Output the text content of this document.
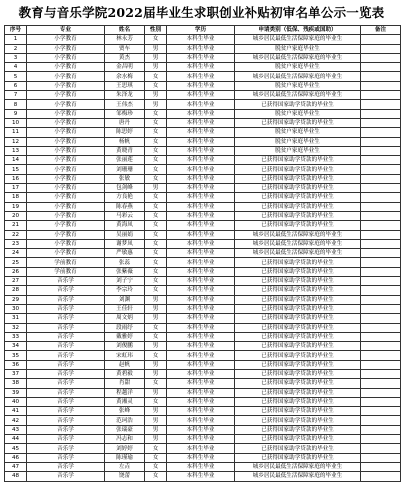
教育与音乐学院2022届毕业生求职创业补贴初审名单公示一览表
序号	专业	姓名	性别	学历	申请类别（低保、残疾或国助）	备注
1	小学教育	林永芳	女	本科生毕业	城乡居民最低生活保障家庭的毕业生	
2	小学教育	贾车	男	本科生毕业	脱贫户家庭毕业生	
3	小学教育	黄杰	男	本科生毕业	城乡居民最低生活保障家庭的毕业生	
4	小学教育	金昌明	男	本科生毕业	脱贫户家庭毕业生	
5	小学教育	余水梅	女	本科生毕业	城乡居民最低生活保障家庭的毕业生	
6	小学教育	王思琪	女	本科生毕业	脱贫户家庭毕业生	
7	小学教育	朱泽龙	男	本科生毕业	城乡居民最低生活保障家庭的毕业生	
8	小学教育	王伟杰	男	本科生毕业	已获得国家助学贷款的毕业生	
9	小学教育	邹梅珍	女	本科生毕业	脱贫户家庭毕业生	
10	小学教育	唐丹	女	本科生毕业	已获得国家助学贷款的毕业生	
11	小学教育	陈思婷	女	本科生毕业	脱贫户家庭毕业生	
12	小学教育	杨帆	女	本科生毕业	脱贫户家庭毕业生	
13	小学教育	黄晓青	女	本科生毕业	脱贫户家庭毕业生	
14	小学教育	张丽莲	女	本科生毕业	已获得国家助学贷款的毕业生	
15	小学教育	刘珊珊	女	本科生毕业	已获得国家助学贷款的毕业生	
16	小学教育	张敏	女	本科生毕业	已获得国家助学贷款的毕业生	
17	小学教育	包剑峰	男	本科生毕业	已获得国家助学贷款的毕业生	
18	小学教育	方良艳	女	本科生毕业	已获得国家助学贷款的毕业生	
19	小学教育	陈春燕	女	本科生毕业	已获得国家助学贷款的毕业生	
20	小学教育	马彩云	女	本科生毕业	已获得国家助学贷款的毕业生	
21	小学教育	黄海凤	女	本科生毕业	已获得国家助学贷款的毕业生	
22	小学教育	吴丽娟	女	本科生毕业	城乡居民最低生活保障家庭的毕业生	
23	小学教育	谢梦凤	女	本科生毕业	城乡居民最低生活保障家庭的毕业生	
24	小学教育	严敏惠	女	本科生毕业	城乡居民最低生活保障家庭的毕业生	
25	学前教育	张蕊	女	本科生毕业	已获得国家助学贷款的毕业生	
26	学前教育	张紫薇	女	本科生毕业	已获得国家助学贷款的毕业生	
27	音乐学	刘子宁	女	本科生毕业	已获得国家助学贷款的毕业生	
28	音乐学	李宗玲	女	本科生毕业	已获得国家助学贷款的毕业生	
29	音乐学	刘渊	男	本科生毕业	已获得国家助学贷款的毕业生	
30	音乐学	王佳轩	男	本科生毕业	已获得国家助学贷款的毕业生	
31	音乐学	周文炳	男	本科生毕业	已获得国家助学贷款的毕业生	
32	音乐学	段雨纾	女	本科生毕业	已获得国家助学贷款的毕业生	
33	音乐学	戴雅婷	女	本科生毕业	已获得国家助学贷款的毕业生	
34	音乐学	刘俊鹏	男	本科生毕业	已获得国家助学贷款的毕业生	
35	音乐学	宋虹玮	女	本科生毕业	已获得国家助学贷款的毕业生	
36	音乐学	赵帆	男	本科生毕业	已获得国家助学贷款的毕业生	
37	音乐学	黄碧毅	男	本科生毕业	已获得国家助学贷款的毕业生	
38	音乐学	肖甜	女	本科生毕业	已获得国家助学贷款的毕业生	
39	音乐学	程越洋	男	本科生毕业	已获得国家助学贷款的毕业生	
40	音乐学	黄湘灵	女	本科生毕业	已获得国家助学贷款的毕业生	
41	音乐学	张峰	男	本科生毕业	已获得国家助学贷款的毕业生	
42	音乐学	范珂浩	男	本科生毕业	已获得国家助学贷款的毕业生	
43	音乐学	张瑞豪	男	本科生毕业	已获得国家助学贷款的毕业生	
44	音乐学	冯志和	男	本科生毕业	已获得国家助学贷款的毕业生	
45	音乐学	刘婷婷	女	本科生毕业	已获得国家助学贷款的毕业生	
46	音乐学	陈瑾瑜	女	本科生毕业	已获得国家助学贷款的毕业生	
47	音乐学	左垚	女	本科生毕业	城乡居民最低生活保障家庭的毕业生	
48	音乐学	饶蕾	女	本科生毕业	城乡居民最低生活保障家庭的毕业生	
